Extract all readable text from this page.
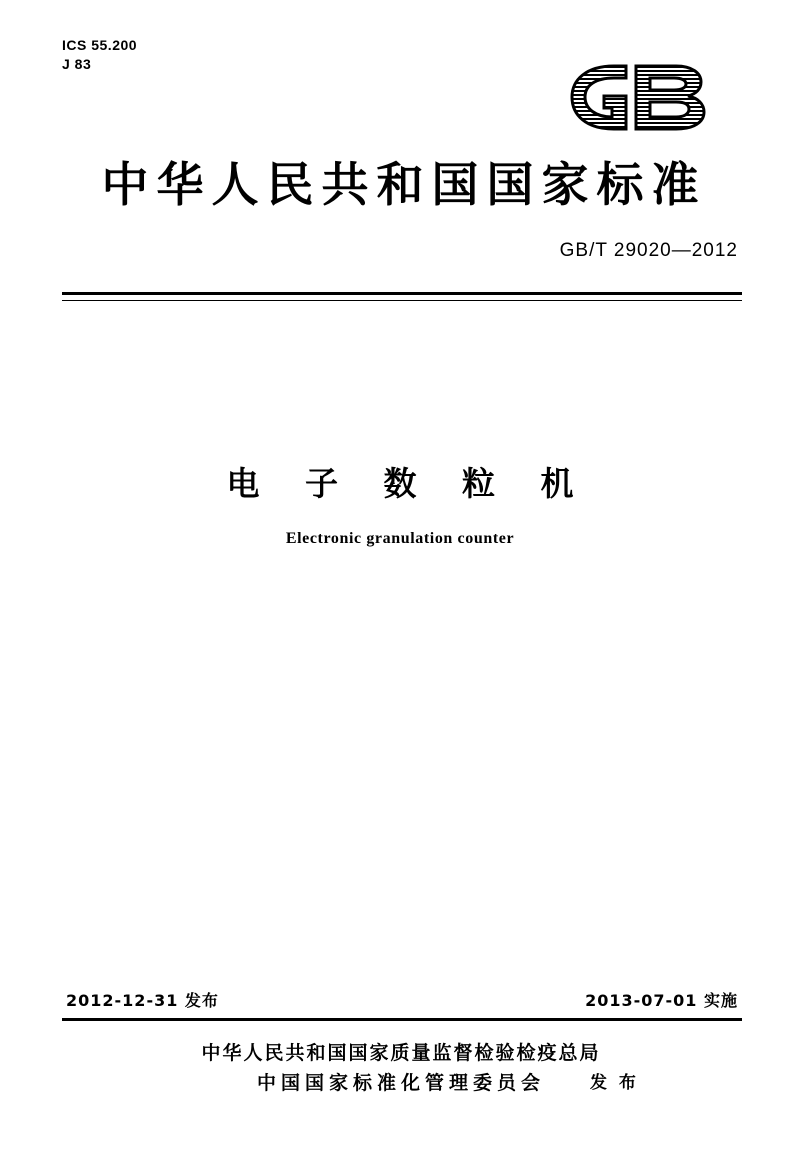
ICS 55.200
J 83
中华人民共和国国家标准
GB/T 29020—2012
电 子 数 粒 机
Electronic granulation counter
2012-12-31 发布	2013-07-01 实施
中华人民共和国国家质量监督检验检疫总局
中国国家标准化管理委员会	发 布
